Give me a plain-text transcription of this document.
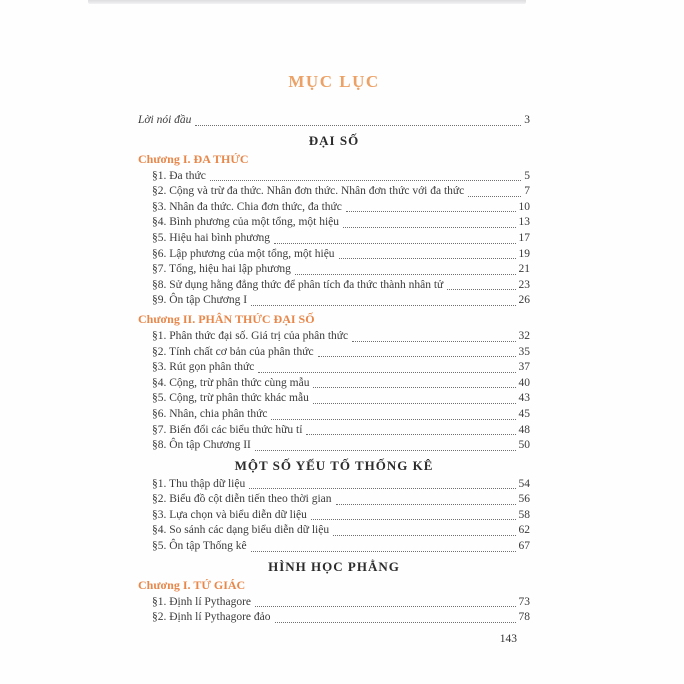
MỤC LỤC
Lời nói đầu	3
ĐẠI SỐ
Chương I. ĐA THỨC
§1. Đa thức	5
§2. Cộng và trừ đa thức. Nhân đơn thức. Nhân đơn thức với đa thức	7
§3. Nhân đa thức. Chia đơn thức, đa thức	10
§4. Bình phương của một tổng, một hiệu	13
§5. Hiệu hai bình phương	17
§6. Lập phương của một tổng, một hiệu	19
§7. Tổng, hiệu hai lập phương	21
§8. Sử dụng hằng đẳng thức để phân tích đa thức thành nhân tử	23
§9. Ôn tập Chương I	26
Chương II. PHÂN THỨC ĐẠI SỐ
§1. Phân thức đại số. Giá trị của phân thức	32
§2. Tính chất cơ bản của phân thức	35
§3. Rút gọn phân thức	37
§4. Cộng, trừ phân thức cùng mẫu	40
§5. Cộng, trừ phân thức khác mẫu	43
§6. Nhân, chia phân thức	45
§7. Biến đổi các biểu thức hữu tỉ	48
§8. Ôn tập Chương II	50
MỘT SỐ YẾU TỐ THỐNG KÊ
§1. Thu thập dữ liệu	54
§2. Biểu đồ cột diễn tiến theo thời gian	56
§3. Lựa chọn và biểu diễn dữ liệu	58
§4. So sánh các dạng biểu diễn dữ liệu	62
§5. Ôn tập Thống kê	67
HÌNH HỌC PHẲNG
Chương I. TỨ GIÁC
§1. Định lí Pythagore	73
§2. Định lí Pythagore đảo	78
143
